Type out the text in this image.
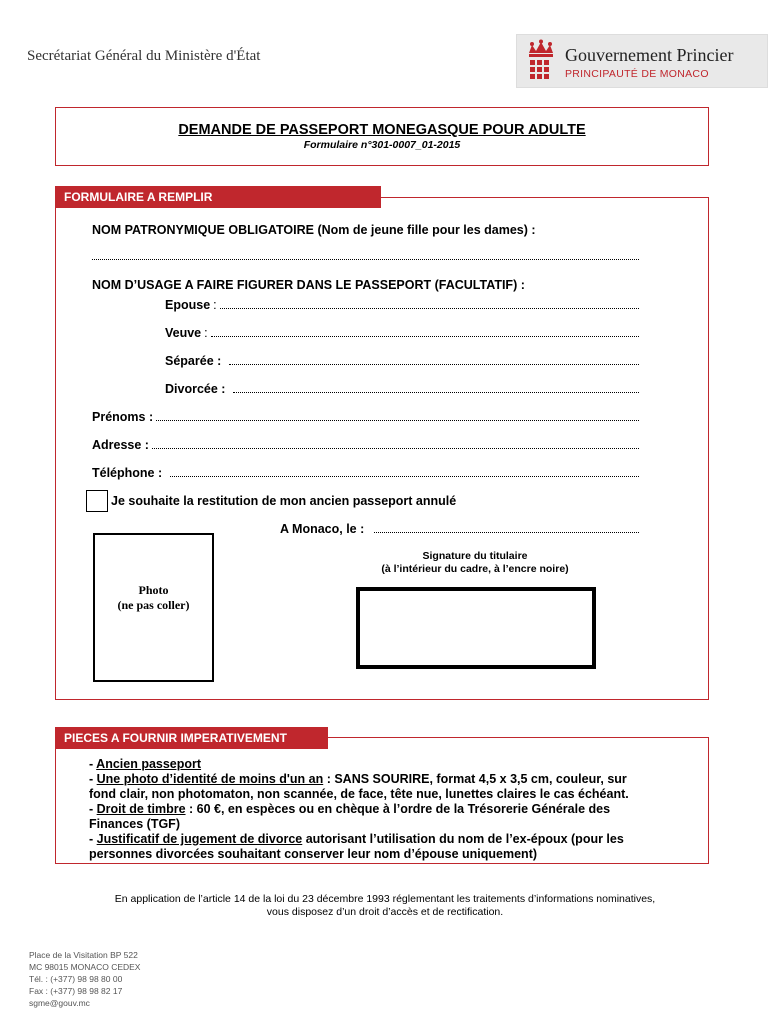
Secrétariat Général du Ministère d'État	Gouvernement Princier
PRINCIPAUTÉ DE MONACO
DEMANDE DE PASSEPORT MONEGASQUE POUR ADULTE
Formulaire n°301-0007_01-2015
FORMULAIRE A REMPLIR
NOM PATRONYMIQUE OBLIGATOIRE (Nom de jeune fille pour les dames) :
NOM D’USAGE A FAIRE FIGURER DANS LE PASSEPORT (FACULTATIF) :
Epouse :
Veuve :
Séparée :
Divorcée :
Prénoms :
Adresse :
Téléphone :
Je souhaite la restitution de mon ancien passeport annulé
A Monaco, le :
Photo
(ne pas coller)
Signature du titulaire
(à l’intérieur du cadre, à l’encre noire)
PIECES A FOURNIR IMPERATIVEMENT
- Ancien passeport
- Une photo d’identité de moins d'un an : SANS SOURIRE, format 4,5 x 3,5 cm, couleur, sur
fond clair, non photomaton, non scannée, de face, tête nue, lunettes claires le cas échéant.
- Droit de timbre : 60 €, en espèces ou en chèque à l’ordre de la Trésorerie Générale des
Finances (TGF)
- Justificatif de jugement de divorce autorisant l’utilisation du nom de l’ex-époux (pour les
personnes divorcées souhaitant conserver leur nom d’épouse uniquement)
En application de l’article 14 de la loi du 23 décembre 1993 réglementant les traitements d’informations nominatives,
vous disposez d’un droit d’accès et de rectification.
Place de la Visitation BP 522
MC 98015 MONACO CEDEX
Tél. : (+377) 98 98 80 00
Fax : (+377) 98 98 82 17
sgme@gouv.mc
